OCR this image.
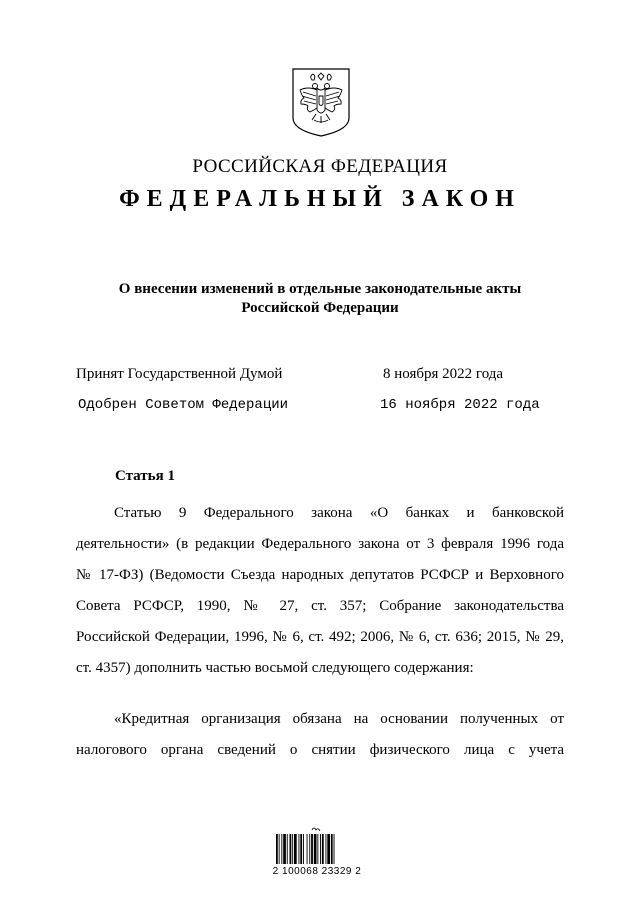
РОССИЙСКАЯ ФЕДЕРАЦИЯ
ФЕДЕРАЛЬНЫЙ ЗАКОН
О внесении изменений в отдельные законодательные акты
Российской Федерации
Принят Государственной Думой	8 ноября 2022 года
Одобрен Советом Федерации	16 ноября 2022 года
Статья 1
Статью 9 Федерального закона «О банках и банковской
деятельности» (в редакции Федерального закона от 3 февраля 1996 года
№ 17-ФЗ) (Ведомости Съезда народных депутатов РСФСР и Верховного
Совета РСФСР, 1990, № 27, ст. 357; Собрание законодательства
Российской Федерации, 1996, № 6, ст. 492; 2006, № 6, ст. 636; 2015, № 29,
ст. 4357) дополнить частью восьмой следующего содержания:
«Кредитная организация обязана на основании полученных от
налогового органа сведений о снятии физического лица с учета
2 100068 23329 2
